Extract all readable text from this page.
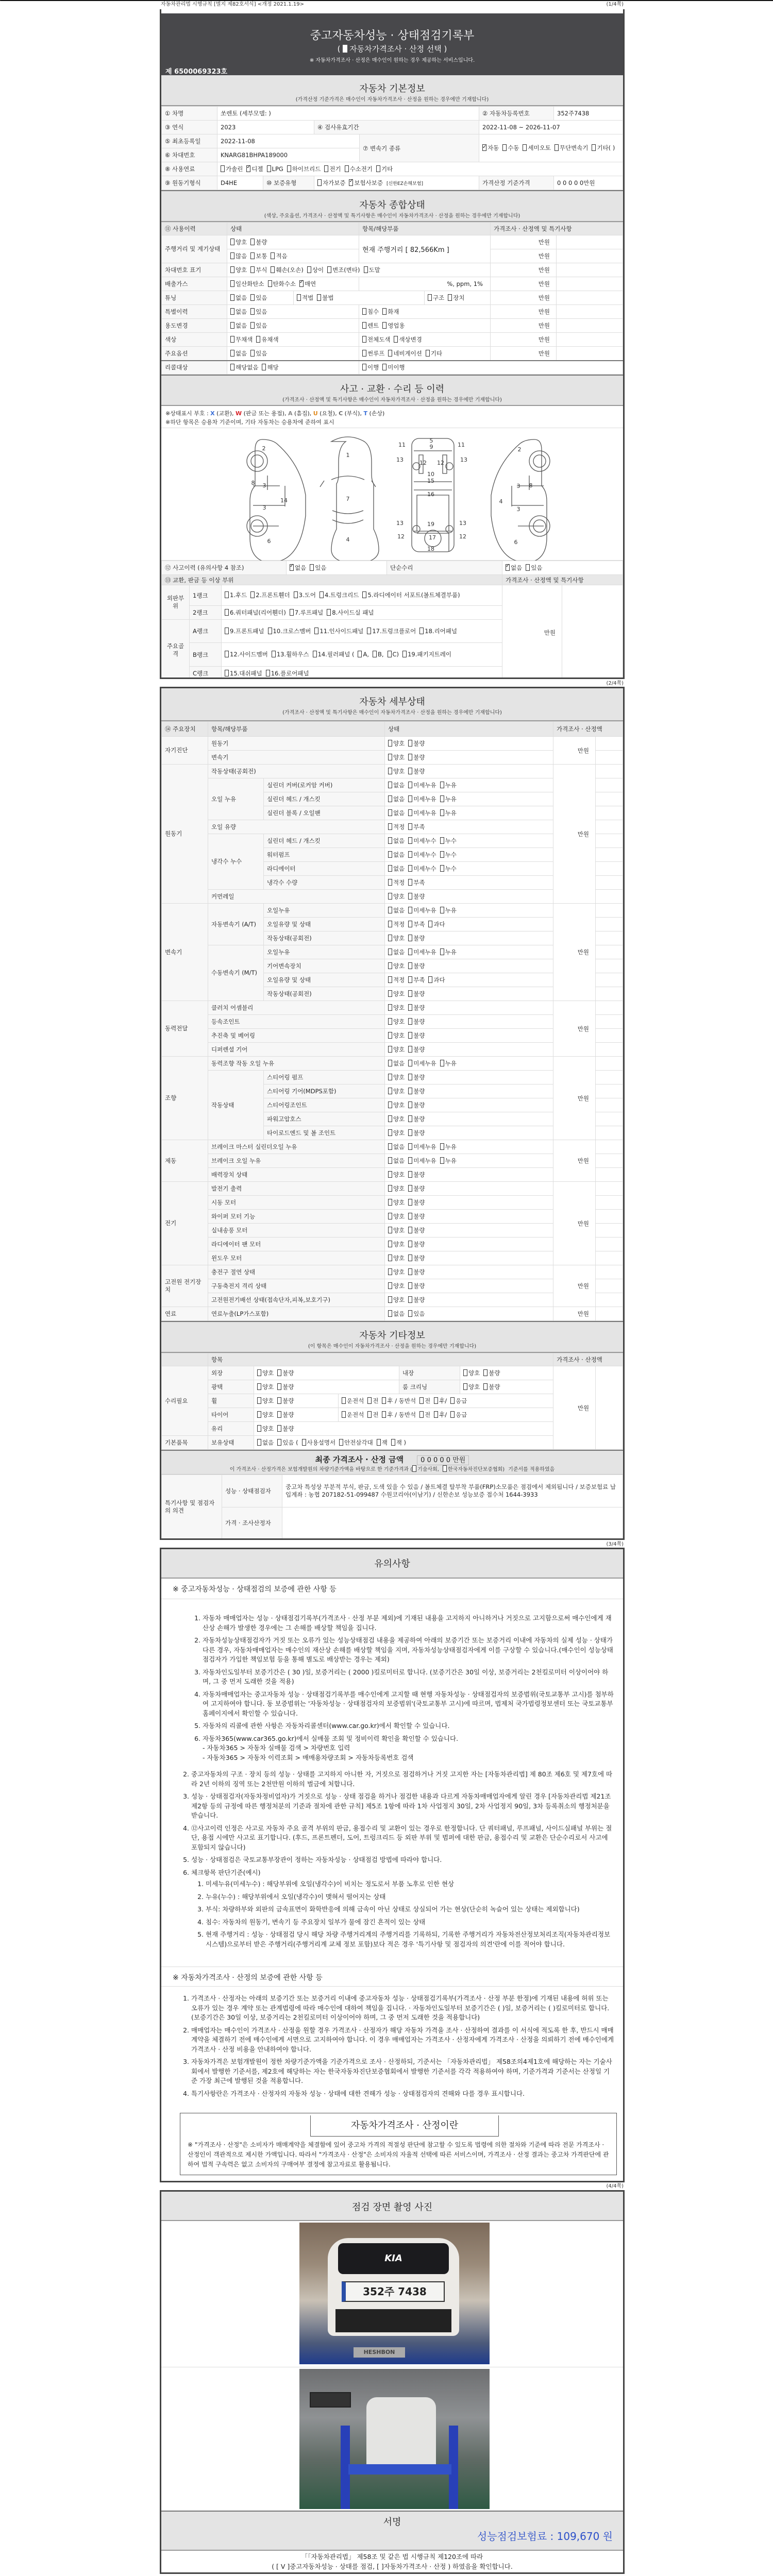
자동차관리법 시행규칙 [별지 제82호서식] <개정 2021.1.19>	(1/4쪽)
(2/4쪽)
(3/4쪽)
(4/4쪽)
중고자동차성능 · 상태점검기록부
( 자동차가격조사 · 산정 선택 )
※ 자동차가격조사 · 산정은 매수인이 원하는 경우 제공하는 서비스입니다.
제 6500069323호
자동차 기본정보
(가격산정 기준가격은 매수인이 자동차가격조사 · 산정을 원하는 경우에만 기재합니다)
① 차명	쏘렌토 (세부모델: )				② 자동차등록번호	352주7438
③ 연식	2023		④ 검사유효기간		2022-11-08 ~ 2026-11-07	
⑤ 최초등록일	2022-11-08			⑦ 변속기 종류	✓자동 수동 세미오토 무단변속기 기타( )
⑥ 차대번호	KNARG81BHPA189000					
⑧ 사용연료	가솔린 ✓ 디젤 LPG 하이브리드 전기 수소전기 기타
⑨ 원동기형식	D4HE	⑩ 보증유형	자가보증 ✓ 보험사보증 [신한EZ손해보험]		가격산정 기준가격	0 0 0 0 0만원
자동차 종합상태
(색상, 주요옵션, 가격조사 · 산정액 및 특기사항은 매수인이 자동차가격조사 · 산정을 원하는 경우에만 기재합니다)
⑪ 사용이력	상태		항목/해당부품		가격조사 · 산정액 및 특기사항	
주행거리 및 계기상태	양호 불량		현재 주행거리 [ 82,566Km ]		만원	
	많음 보통 적음				만원	
차대번호 표기	양호 부식 훼손(오손) 상이 변조(변타) 도말				만원	
배출가스	일산화탄소 탄화수소 ✓ 매연		%, ppm, 1%		만원	
튜닝	없음 있음	적법 불법		구조 장치	만원	
특별이력	없음 있음		침수 화재		만원	
용도변경	없음 있음		렌트 영업용		만원	
색상	무채색 유채색		전체도색 색상변경		만원	
주요옵션	없음 있음		썬루프 네비게이션 기타		만원	
리콜대상	해당없음 해당		이행 미이행			
사고 · 교환 · 수리 등 이력
(가격조사 · 산정액 및 특기사항은 매수인이 자동차가격조사 · 산정을 원하는 경우에만 기재합니다)
※상태표시 부호 : X (교환), W (판금 또는 용접), A (흠집), U (요철), C (부식), T (손상)
※하단 항목은 승용차 기준이며, 기타 자동차는 승용차에 준하여 표시
1
2	2
3
3
3
3
4
4
5
6	6
7
8	8
9
10
11	11
12 12
12	12
13	13
13	13
14
15
16
17
18
19
⑫ 사고이력 (유의사항 4 참조)	✓없음 있음	단순수리	✓없음 있음
⑬ 교환, 판금 등 이상 부위					가격조사 · 산정액 및 특기사항	
외판부위	1랭크	1.후드 2.프론트휀더 3.도어 4.트렁크리드 5.라디에이터 서포트(볼트체결부품)			만원	
	2랭크	6.쿼터패널(리어휀더) 7.루프패널 8.사이드실 패널				
주요골격	A랭크	9.프론트패널 10.크로스멤버 11.인사이드패널 17.트렁크플로어 18.리어패널				
	B랭크	12.사이드멤버 13.휠하우스 14.필러패널 ( A, B, C) 19.패키지트레이				
	C랭크	15.대쉬패널 16.플로어패널				
자동차 세부상태
(가격조사 · 산정액 및 특기사항은 매수인이 자동차가격조사 · 산정을 원하는 경우에만 기재합니다)
⑭ 주요장치	항목/해당부품		상태	가격조사 · 산정액	
자기진단	원동기		양호 불량	만원	
	변속기		양호 불량		
원동기	작동상태(공회전)		양호 불량	만원	
	오일 누유	실린더 커버(로커암 커버)	없음 미세누유 누유		
		실린더 헤드 / 개스킷	없음 미세누유 누유		
		실린더 블록 / 오일팬	없음 미세누유 누유		
	오일 유량		적정 부족		
	냉각수 누수	실린더 헤드 / 개스킷	없음 미세누수 누수		
		워터펌프	없음 미세누수 누수		
		라디에이터	없음 미세누수 누수		
		냉각수 수량	적정 부족		
	커먼레일		양호 불량		
변속기	자동변속기 (A/T)	오일누유	없음 미세누유 누유	만원	
		오일유량 및 상태	적정 부족 과다		
		작동상태(공회전)	양호 불량		
	수동변속기 (M/T)	오일누유	없음 미세누유 누유		
		기어변속장치	양호 불량		
		오일유량 및 상태	적정 부족 과다		
		작동상태(공회전)	양호 불량		
동력전달	클러치 어셈블리		양호 불량	만원	
	등속조인트		양호 불량		
	추진축 및 베어링		양호 불량		
	디퍼렌셜 기어		양호 불량		
조향	동력조향 작동 오일 누유		없음 미세누유 누유	만원	
	작동상태	스티어링 펌프	양호 불량		
		스티어링 기어(MDPS포함)	양호 불량		
		스티어링조인트	양호 불량		
		파워고압호스	양호 불량		
		타이로드엔드 및 볼 조인트	양호 불량		
제동	브레이크 마스터 실린더오일 누유		없음 미세누유 누유	만원	
	브레이크 오일 누유		없음 미세누유 누유		
	배력장치 상태		양호 불량		
전기	발전기 출력		양호 불량	만원	
	시동 모터		양호 불량		
	와이퍼 모터 기능		양호 불량		
	실내송풍 모터		양호 불량		
	라디에이터 팬 모터		양호 불량		
	윈도우 모터		양호 불량		
고전원 전기장치	충전구 절연 상태		양호 불량	만원	
	구동축전지 격리 상태		양호 불량		
	고전원전기배선 상태(접속단자,피복,보호기구)		양호 불량		
연료	연료누출(LP가스포함)		없음 있음	만원	
자동차 기타정보
(이 항목은 매수인이 자동차가격조사 · 산정을 원하는 경우에만 기재합니다)
	항목					가격조사 · 산정액	
수리필요	외장	양호 불량		내장	양호 불량	만원	
	광택	양호 불량		룸 크리닝	양호 불량		
	휠	양호 불량	운전석 전 후 / 동반석 전 후/ 응급				
	타이어	양호 불량	운전석 전 후 / 동반석 전 후/ 응급				
	유리	양호 불량					
기본품목	보유상태	없음 있음 ( 사용설명서 안전삼각대 잭 잭 )					
최종 가격조사 · 산정 금액	0 0 0 0 0 만원
이 가격조사 · 산정가격은 보험개발원의 차량기준가액을 바탕으로 한 기준가격과 ( 기술사회, 한국자동차진단보증협회) 기준서를 적용하였음
특기사항 및 점검자의 의견	성능 · 상태점검자	중고차 특성상 부분적 부식, 판금, 도색 있을 수 있음 / 볼트체결 탈부착 부품(FRP)소모품은 점검에서 제외됩니다 / 보증보험료 납입계좌 : 농협 207182-51-099487 수원코리아(이남기) / 신한손보 성능보증 접수처 1644-3933
	가격 · 조사산정자	
유의사항
※ 중고자동차성능 · 상태점검의 보증에 관한 사항 등
1. 자동차 매매업자는 성능 · 상태점검기록부(가격조사 · 산정 부분 제외)에 기재된 내용을 고지하지 아니하거나 거짓으로 고지함으로써 매수인에게 재산상 손해가 발생한 경우에는 그 손해를 배상할 책임을 집니다.
2. 자동차성능상태점검자가 거짓 또는 오류가 있는 성능상태점검 내용을 제공하여 아래의 보증기간 또는 보증거리 이내에 자동차의 실제 성능 · 상태가 다른 경우, 자동차매매업자는 매수인의 재산상 손해를 배상할 책임을 지며, 자동차성능상태점검자에게 이를 구상할 수 있습니다.(매수인이 성능상태점검자가 가입한 책임보험 등을 통해 별도로 배상받는 경우는 제외)
3. 자동차인도일부터 보증기간은 ( 30 )일, 보증거리는 ( 2000 )킬로미터로 합니다. (보증기간은 30일 이상, 보증거리는 2천킬로미터 이상이어야 하며, 그 중 먼저 도래한 것을 적용)
4. 자동차매매업자는 중고자동차 성능 · 상태점검기록부를 매수인에게 고지할 때 현행 자동차성능 · 상태점검자의 보증범위(국토교통부 고시)를 첨부하여 고지하여야 합니다. 동 보증범위는 '자동차성능 · 상태점검자의 보증범위'(국토교통부 고시)에 따르며, 법제처 국가법령정보센터 또는 국토교통부 홈페이지에서 확인할 수 있습니다.
5. 자동차의 리콜에 관한 사항은 자동차리콜센터(www.car.go.kr)에서 확인할 수 있습니다.
6. 자동차365(www.car365.go.kr)에서 실매물 조회 및 정비이력 확인을 확인할 수 있습니다.
- 자동차365 > 자동차 실매물 검색 > 차량번호 입력
- 자동차365 > 자동차 이력조회 > 매매용차량조회 > 자동차등록번호 검색
2. 중고자동차의 구조 · 장치 등의 성능 · 상태를 고지하지 아니한 자, 거짓으로 점검하거나 거짓 고지한 자는 [자동차관리법] 제 80조 제6호 및 제7호에 따라 2년 이하의 징역 또는 2천만원 이하의 벌금에 처합니다.
3. 성능 · 상태점검자(자동차정비업자)가 거짓으로 성능 · 상태 점검을 하거나 점검한 내용과 다르게 자동차매매업자에게 알린 경우 [자동차관리법 제21조 제2항 등의 규정에 따른 행정처분의 기준과 절차에 관한 규칙] 제5조 1항에 따라 1차 사업정지 30일, 2차 사업정지 90일, 3차 등록취소의 행정처분을 받습니다.
4. ⑫사고이력 인정은 사고로 자동차 주요 골격 부위의 판금, 용접수리 및 교환이 있는 경우로 한정합니다. 단 쿼터패널, 루프패널, 사이드실패널 부위는 절단, 용접 시에만 사고로 표기합니다. (후드, 프론트펜더, 도어, 트렁크리드 등 외판 부위 및 범퍼에 대한 판금, 용접수리 및 교환은 단순수리로서 사고에 포함되지 않습니다)
5. 성능 · 상태점검은 국토교통부장관이 정하는 자동차성능 · 상태점검 방법에 따라야 합니다.
6. 체크항목 판단기준(예시)
1. 미세누유(미세누수) : 해당부위에 오일(냉각수)이 비치는 정도로서 부품 노후로 인한 현상
2. 누유(누수) : 해당부위에서 오일(냉각수)이 맺혀서 떨어지는 상태
3. 부식: 차량하부와 외판의 금속표면이 화학반응에 의해 금속이 아닌 상태로 상실되어 가는 현상(단순히 녹슬어 있는 상태는 제외합니다)
4. 침수: 자동차의 원동기, 변속기 등 주요장치 일부가 물에 잠긴 흔적이 있는 상태
5. 현재 주행거리 : 성능 · 상태점검 당시 해당 차량 주행거리계의 주행거리를 기록하되, 기록한 주행거리가 자동차전산정보처리조직(자동차관리정보시스템)으로부터 받은 주행거리(주행거리계 교체 정보 포함)보다 적은 경우 '특기사항 및 점검자의 의견'란에 이를 적어야 합니다.
※ 자동차가격조사 · 산정의 보증에 관한 사항 등
1. 가격조사 · 산정자는 아래의 보증기간 또는 보증거리 이내에 중고자동차 성능 · 상태점검기록부(가격조사 · 산정 부분 한정)에 기재된 내용에 허위 또는 오류가 있는 경우 계약 또는 관계법령에 따라 매수인에 대하여 책임을 집니다. · 자동차인도일부터 보증기간은 ( )일, 보증거리는 ( )킬로미터로 합니다. (보증기간은 30일 이상, 보증거리는 2천킬로미터 이상이어야 하며, 그 중 먼저 도래한 것을 적용합니다)
2. 매매업자는 매수인이 가격조사 · 산정을 원할 경우 가격조사 · 산정자가 해당 자동차 가격을 조사 · 산정하여 결과를 이 서식에 적도록 한 후, 반드시 매매계약을 체결하기 전에 매수인에게 서면으로 고지하여야 합니다. 이 경우 매매업자는 가격조사 · 산정자에게 가격조사 · 산정을 의뢰하기 전에 매수인에게 가격조사 · 산정 비용을 안내하여야 합니다.
3. 자동차가격은 보험개발원이 정한 차량기준가액을 기준가격으로 조사 · 산정하되, 기준서는 「자동차관리법」 제58조의4제1호에 해당하는 자는 기술사회에서 발행한 기준서를, 제2호에 해당하는 자는 한국자동차진단보증협회에서 발행한 기준서를 각각 적용하여야 하며, 기준가격과 기준서는 산정일 기준 가장 최근에 발행된 것을 적용합니다.
4. 특기사항란은 가격조사 · 산정자의 자동차 성능 · 상태에 대한 견해가 성능 · 상태점검자의 견해와 다를 경우 표시합니다.
자동차가격조사 · 산정이란
※ "가격조사 · 산정"은 소비자가 매매계약을 체결함에 있어 중고차 가격의 적절성 판단에 참고할 수 있도록 법령에 의한 절차와 기준에 따라 전문 가격조사 · 산정인이 객관적으로 제시한 가액입니다. 따라서 "가격조사 · 산정"은 소비자의 자율적 선택에 따른 서비스이며, 가격조사 · 산정 결과는 중고차 가격판단에 관하여 법적 구속력은 없고 소비자의 구매여부 결정에 참고자료로 활용됩니다.
점검 장면 촬영 사진
KIA
352주 7438
HESHBON
서명
성능점검보험료 : 109,670 원
「「자동차관리법」 제58조 및 같은 법 시행규칙 제120조에 따라
( [ V ]중고자동차성능 · 상태를 점검, [ ]자동차가격조사 · 산정 ) 하였음을 확인합니다.
